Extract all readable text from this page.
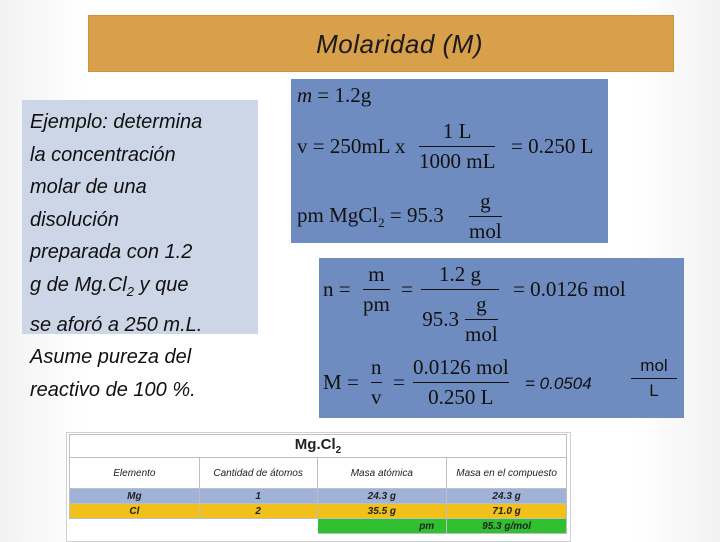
Molaridad (M)
Ejemplo: determina
la concentración
molar de una
disolución
preparada con 1.2
g de $Mg.Cl_2$ y que
se aforó a 250 m.L.
Asume pureza del
reactivo de 100 %.
m = 1.2g
v = 250mL x
1 L
1000 mL
= 0.250 L
pm MgCl$_2$ = 95.3
g
mol
n =
m
pm
=
1.2 g
$95.3 \frac{g}{\text{mol}}$
= 0.0126 mol
M =
n
v
=
0.0126 mol
0.250 L
= 0.0504
mol
L
$Mg.Cl_2$
Elemento	Cantidad de átomos	Masa atómica	Masa en el compuesto
Mg	1	24.3 g	24.3 g
Cl	2	35.5 g	71.0 g
		pm	95.3 g/mol
